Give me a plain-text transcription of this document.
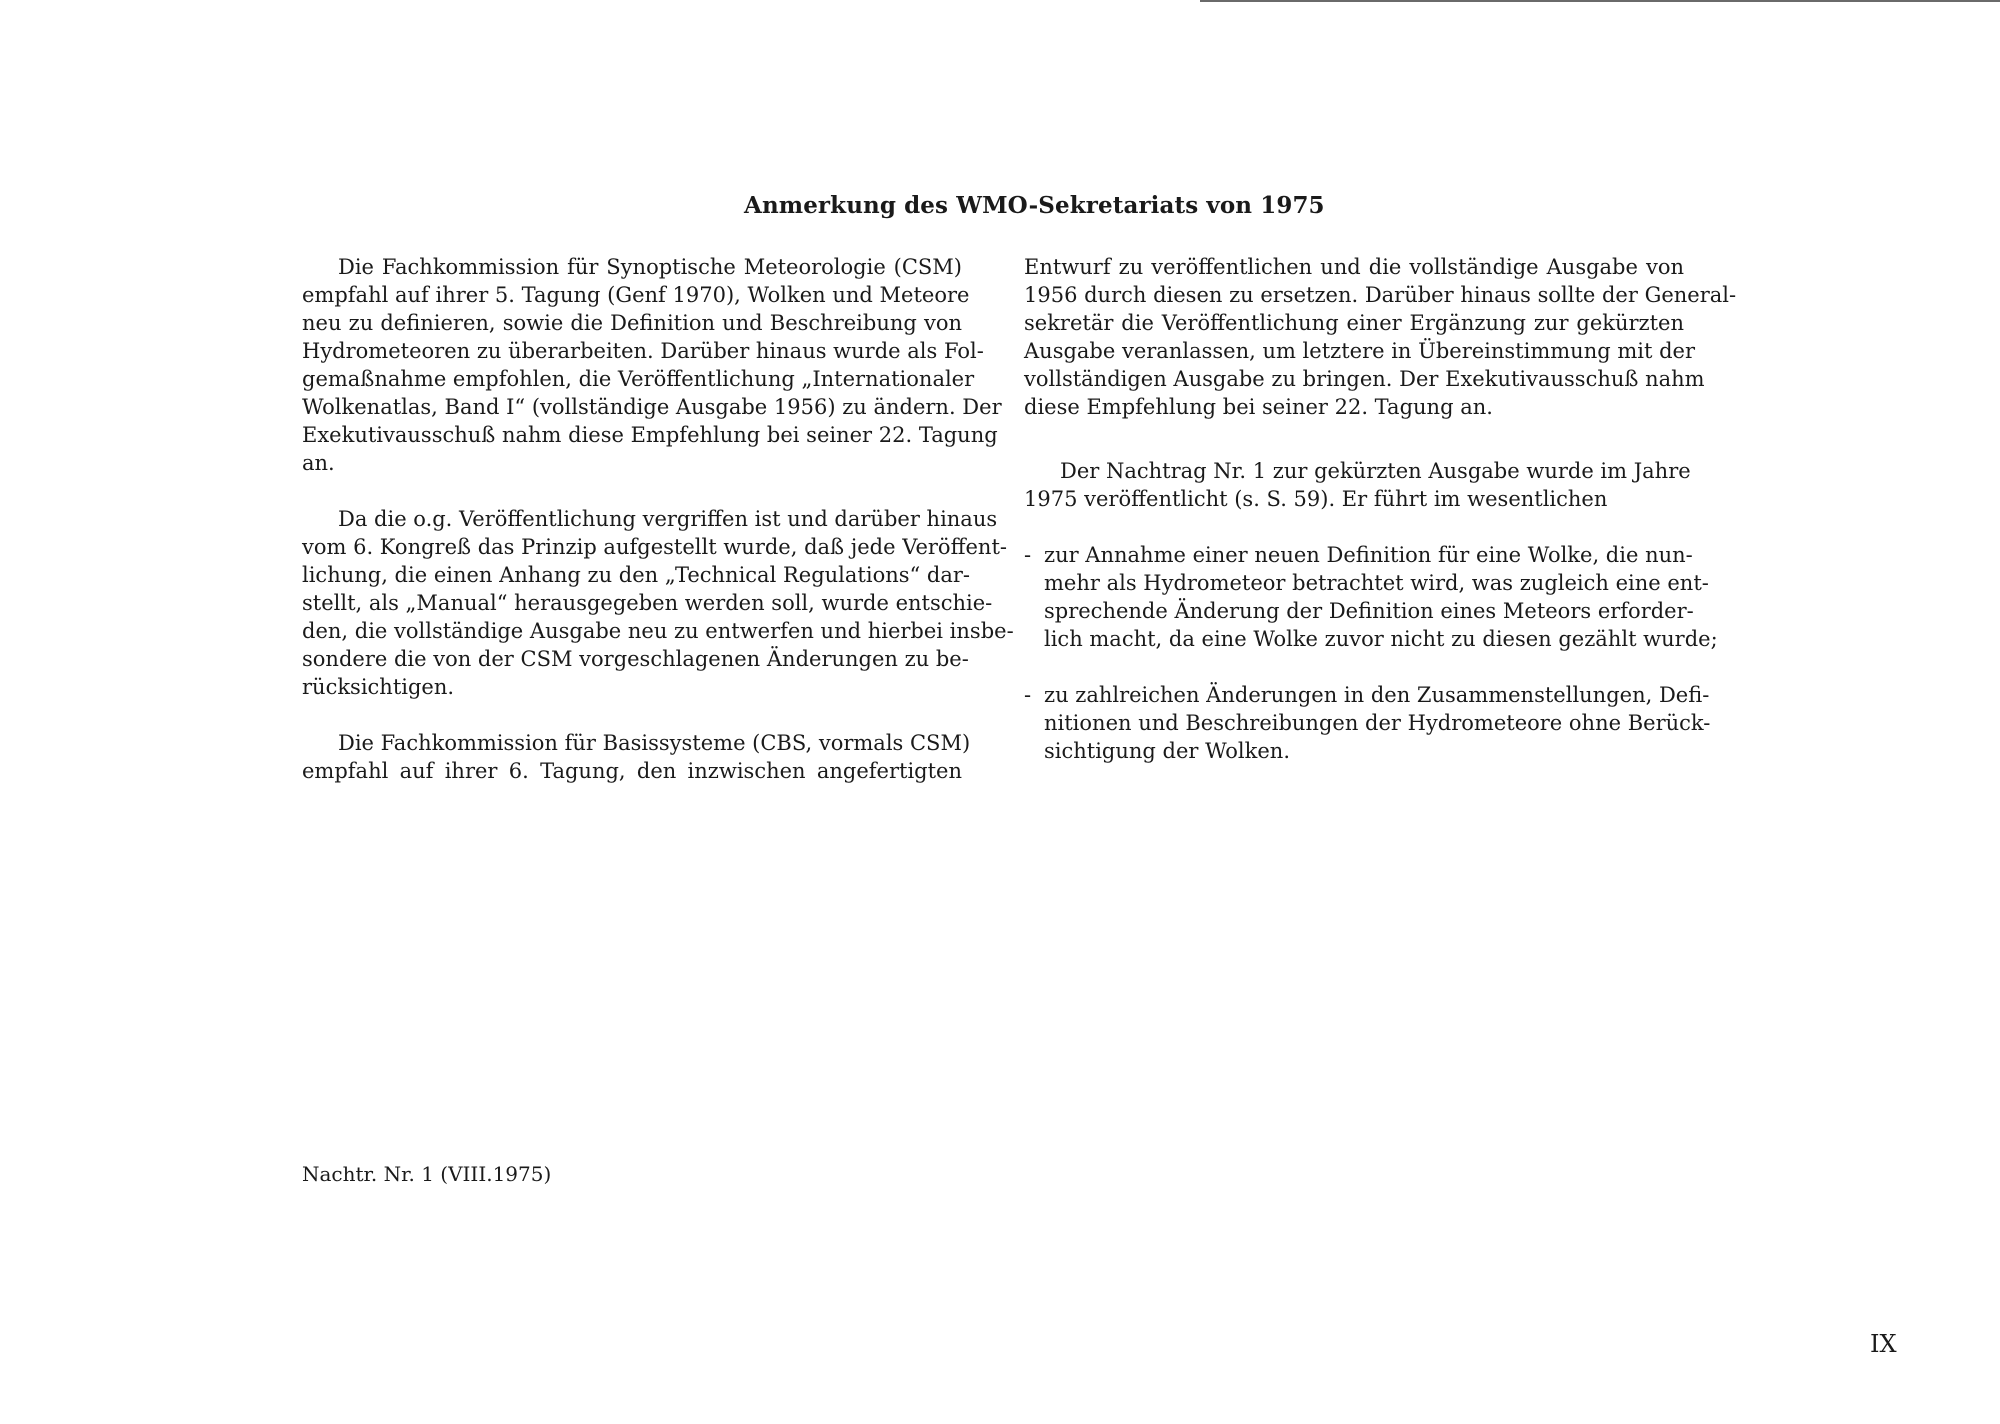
Anmerkung des WMO-Sekretariats von 1975
Die Fachkommission für Synoptische Meteorologie (CSM)
empfahl auf ihrer 5. Tagung (Genf 1970), Wolken und Meteore
neu zu definieren, sowie die Definition und Beschreibung von
Hydrometeoren zu überarbeiten. Darüber hinaus wurde als Fol-
gemaßnahme empfohlen, die Veröffentlichung „Internationaler
Wolkenatlas, Band I“ (vollständige Ausgabe 1956) zu ändern. Der
Exekutivausschuß nahm diese Empfehlung bei seiner 22. Tagung
an.
Da die o.g. Veröffentlichung vergriffen ist und darüber hinaus
vom 6. Kongreß das Prinzip aufgestellt wurde, daß jede Veröffent-
lichung, die einen Anhang zu den „Technical Regulations“ dar-
stellt, als „Manual“ herausgegeben werden soll, wurde entschie-
den, die vollständige Ausgabe neu zu entwerfen und hierbei insbe-
sondere die von der CSM vorgeschlagenen Änderungen zu be-
rücksichtigen.
Die Fachkommission für Basissysteme (CBS, vormals CSM)
empfahl auf ihrer 6. Tagung, den inzwischen angefertigten
Entwurf zu veröffentlichen und die vollständige Ausgabe von
1956 durch diesen zu ersetzen. Darüber hinaus sollte der General-
sekretär die Veröffentlichung einer Ergänzung zur gekürzten
Ausgabe veranlassen, um letztere in Übereinstimmung mit der
vollständigen Ausgabe zu bringen. Der Exekutivausschuß nahm
diese Empfehlung bei seiner 22. Tagung an.
Der Nachtrag Nr. 1 zur gekürzten Ausgabe wurde im Jahre
1975 veröffentlicht (s. S. 59). Er führt im wesentlichen
- zur Annahme einer neuen Definition für eine Wolke, die nun-
mehr als Hydrometeor betrachtet wird, was zugleich eine ent-
sprechende Änderung der Definition eines Meteors erforder-
lich macht, da eine Wolke zuvor nicht zu diesen gezählt wurde;
- zu zahlreichen Änderungen in den Zusammenstellungen, Defi-
nitionen und Beschreibungen der Hydrometeore ohne Berück-
sichtigung der Wolken.
Nachtr. Nr. 1 (VIII.1975)
IX
